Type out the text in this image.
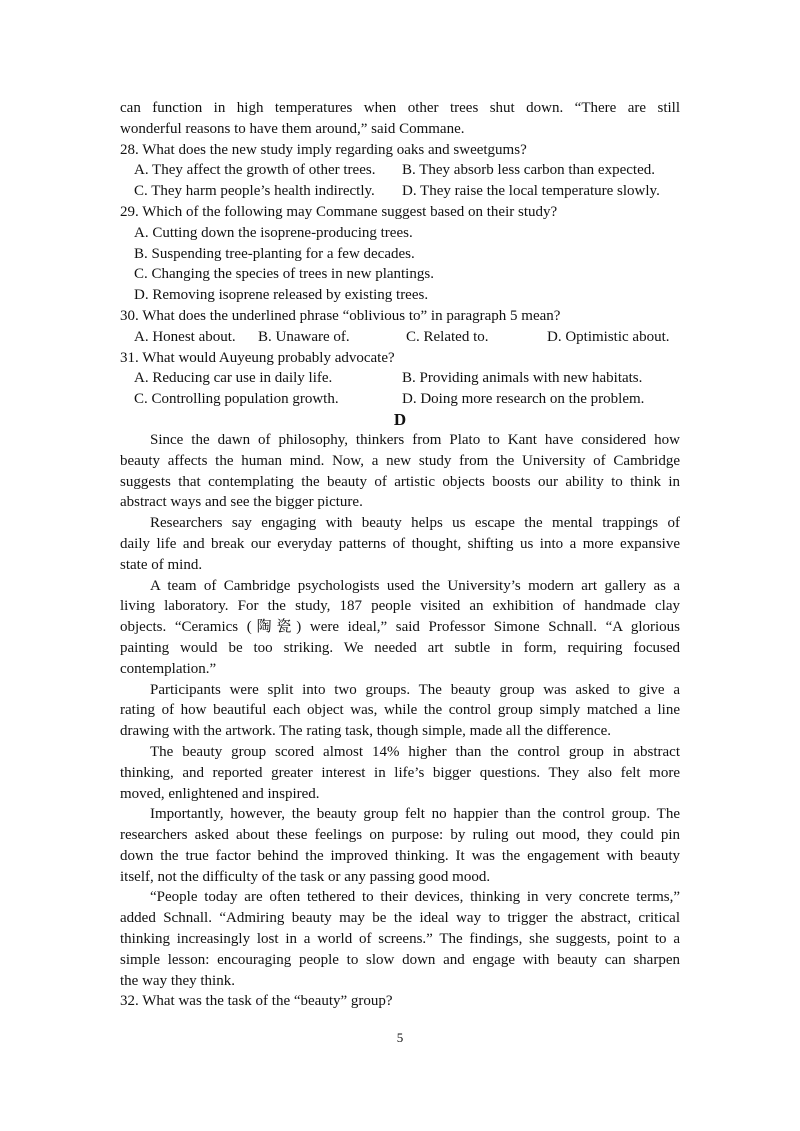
can function in high temperatures when other trees shut down. “There are still
wonderful reasons to have them around,” said Commane.
28. What does the new study imply regarding oaks and sweetgums?
A. They affect the growth of other trees.	B. They absorb less carbon than expected.
C. They harm people’s health indirectly.	D. They raise the local temperature slowly.
29. Which of the following may Commane suggest based on their study?
A. Cutting down the isoprene-producing trees.
B. Suspending tree-planting for a few decades.
C. Changing the species of trees in new plantings.
D. Removing isoprene released by existing trees.
30. What does the underlined phrase “oblivious to” in paragraph 5 mean?
A. Honest about.	B. Unaware of.	C. Related to.	D. Optimistic about.
31. What would Auyeung probably advocate?
A. Reducing car use in daily life.	B. Providing animals with new habitats.
C. Controlling population growth.	D. Doing more research on the problem.
D
Since the dawn of philosophy, thinkers from Plato to Kant have considered how
beauty affects the human mind. Now, a new study from the University of Cambridge
suggests that contemplating the beauty of artistic objects boosts our ability to think in
abstract ways and see the bigger picture.
Researchers say engaging with beauty helps us escape the mental trappings of
daily life and break our everyday patterns of thought, shifting us into a more expansive
state of mind.
A team of Cambridge psychologists used the University’s modern art gallery as a
living laboratory. For the study, 187 people visited an exhibition of handmade clay
objects. “Ceramics (陶瓷) were ideal,” said Professor Simone Schnall. “A glorious
painting would be too striking. We needed art subtle in form, requiring focused
contemplation.”
Participants were split into two groups. The beauty group was asked to give a
rating of how beautiful each object was, while the control group simply matched a line
drawing with the artwork. The rating task, though simple, made all the difference.
The beauty group scored almost 14% higher than the control group in abstract
thinking, and reported greater interest in life’s bigger questions. They also felt more
moved, enlightened and inspired.
Importantly, however, the beauty group felt no happier than the control group. The
researchers asked about these feelings on purpose: by ruling out mood, they could pin
down the true factor behind the improved thinking. It was the engagement with beauty
itself, not the difficulty of the task or any passing good mood.
“People today are often tethered to their devices, thinking in very concrete terms,”
added Schnall. “Admiring beauty may be the ideal way to trigger the abstract, critical
thinking increasingly lost in a world of screens.” The findings, she suggests, point to a
simple lesson: encouraging people to slow down and engage with beauty can sharpen
the way they think.
32. What was the task of the “beauty” group?
5
